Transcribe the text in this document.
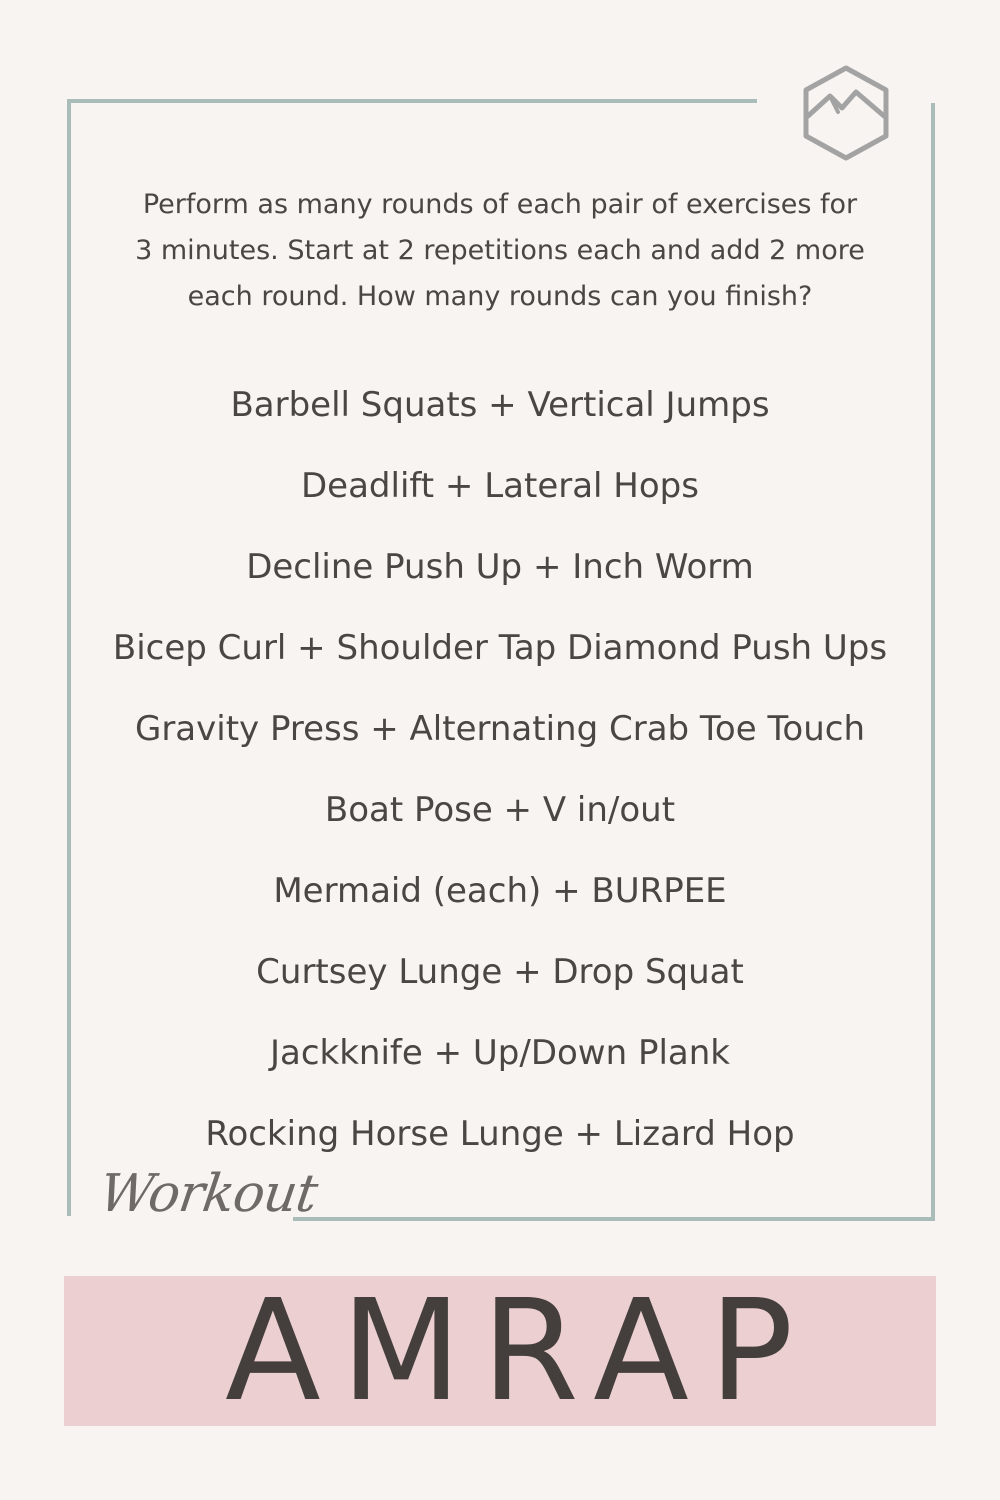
Perform as many rounds of each pair of exercises for 3 minutes. Start at 2 repetitions each and add 2 more each round. How many rounds can you finish?

Barbell Squats + Vertical Jumps
Deadlift + Lateral Hops
Decline Push Up + Inch Worm
Bicep Curl + Shoulder Tap Diamond Push Ups
Gravity Press + Alternating Crab Toe Touch
Boat Pose + V in/out
Mermaid (each) + BURPEE
Curtsey Lunge + Drop Squat
Jackknife + Up/Down Plank
Rocking Horse Lunge + Lizard Hop
Workout
AMRAP
